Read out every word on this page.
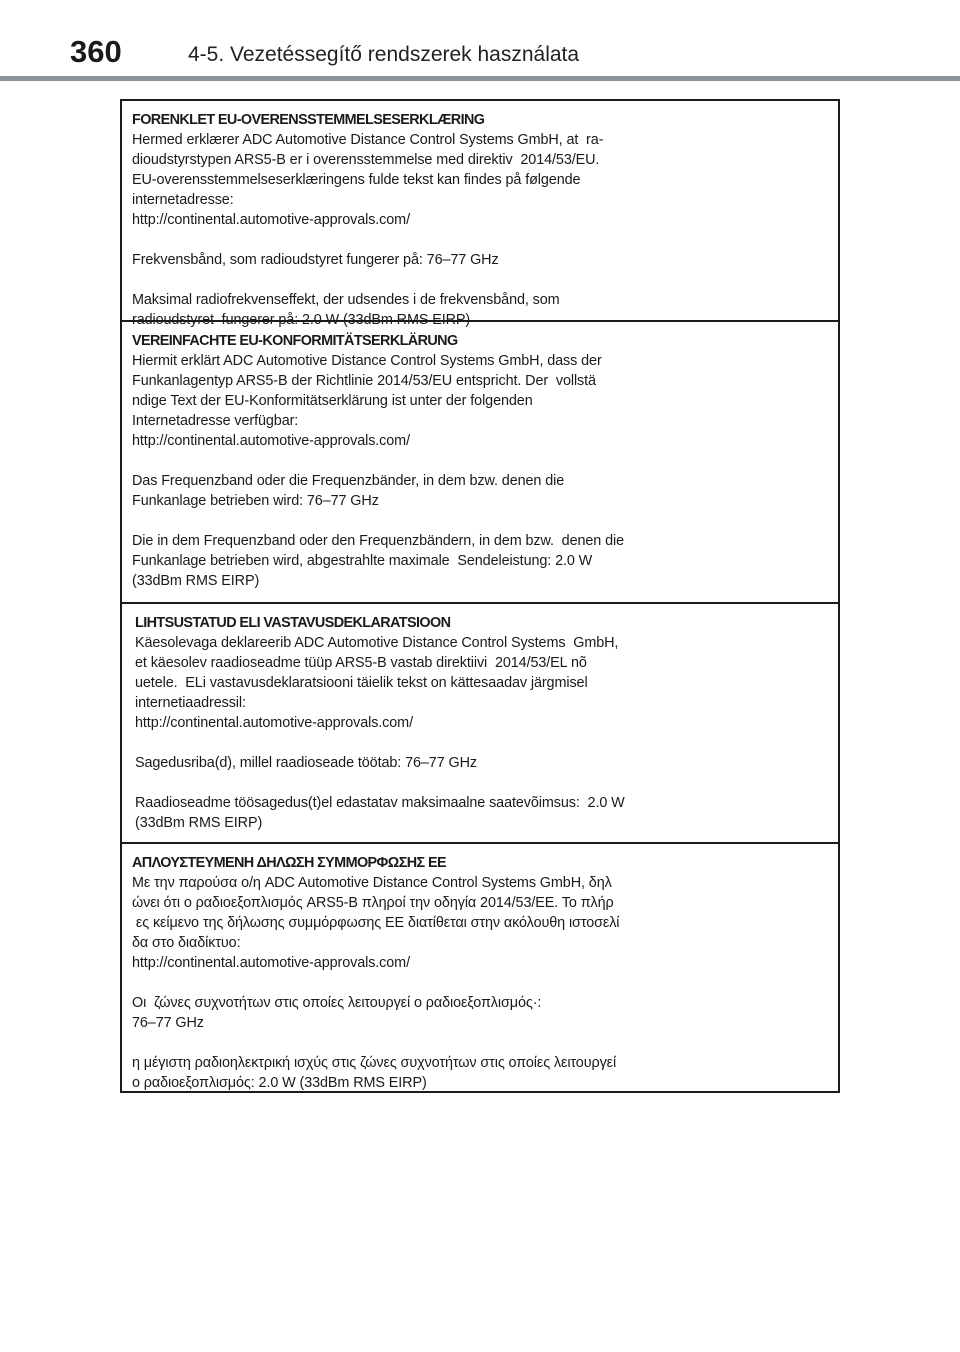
360	4-5. Vezetéssegítő rendszerek használata
FORENKLET EU-OVERENSSTEMMELSESERKLÆRING
Hermed erklærer ADC Automotive Distance Control Systems GmbH, at  ra-
dioudstyrstypen ARS5-B er i overensstemmelse med direktiv  2014/53/EU.
EU-overensstemmelseserklæringens fulde tekst kan findes på følgende
internetadresse:
http://continental.automotive-approvals.com/
Frekvensbånd, som radioudstyret fungerer på: 76–77 GHz
Maksimal radiofrekvenseffekt, der udsendes i de frekvensbånd, som
radioudstyret  fungerer på: 2.0 W (33dBm RMS EIRP)
VEREINFACHTE EU-KONFORMITÄTSERKLÄRUNG
Hiermit erklärt ADC Automotive Distance Control Systems GmbH, dass der
Funkanlagentyp ARS5-B der Richtlinie 2014/53/EU entspricht. Der  vollstä
ndige Text der EU-Konformitätserklärung ist unter der folgenden
Internetadresse verfügbar:
http://continental.automotive-approvals.com/
Das Frequenzband oder die Frequenzbänder, in dem bzw. denen die
Funkanlage betrieben wird: 76–77 GHz
Die in dem Frequenzband oder den Frequenzbändern, in dem bzw.  denen die
Funkanlage betrieben wird, abgestrahlte maximale  Sendeleistung: 2.0 W
(33dBm RMS EIRP)
LIHTSUSTATUD ELI VASTAVUSDEKLARATSIOON
Käesolevaga deklareerib ADC Automotive Distance Control Systems  GmbH,
et käesolev raadioseadme tüüp ARS5-B vastab direktiivi  2014/53/EL nõ
uetele.  ELi vastavusdeklaratsiooni täielik tekst on kättesaadav järgmisel
internetiaadressil:
http://continental.automotive-approvals.com/
Sagedusriba(d), millel raadioseade töötab: 76–77 GHz
Raadioseadme töösagedus(t)el edastatav maksimaalne saatevõimsus:  2.0 W
(33dBm RMS EIRP)
ΑΠΛΟΥΣΤΕΥΜΕΝΗ ΔΗΛΩΣΗ ΣΥΜΜΟΡΦΩΣΗΣ ΕΕ
Με την παρούσα ο/η ADC Automotive Distance Control Systems GmbH, δηλ
ώνει ότι ο ραδιοεξοπλισμός ARS5-B πληροί την οδηγία 2014/53/ΕΕ. Το πλήρ
ες κείμενο της δήλωσης συμμόρφωσης ΕΕ διατίθεται στην ακόλουθη ιστοσελί
δα στο διαδίκτυο:
http://continental.automotive-approvals.com/
Οι  ζώνες συχνοτήτων στις οποίες λειτουργεί ο ραδιοεξοπλισμός·:
76–77 GHz
η μέγιστη ραδιοηλεκτρική ισχύς στις ζώνες συχνοτήτων στις οποίες λειτουργεί
ο ραδιοεξοπλισμός: 2.0 W (33dBm RMS EIRP)
